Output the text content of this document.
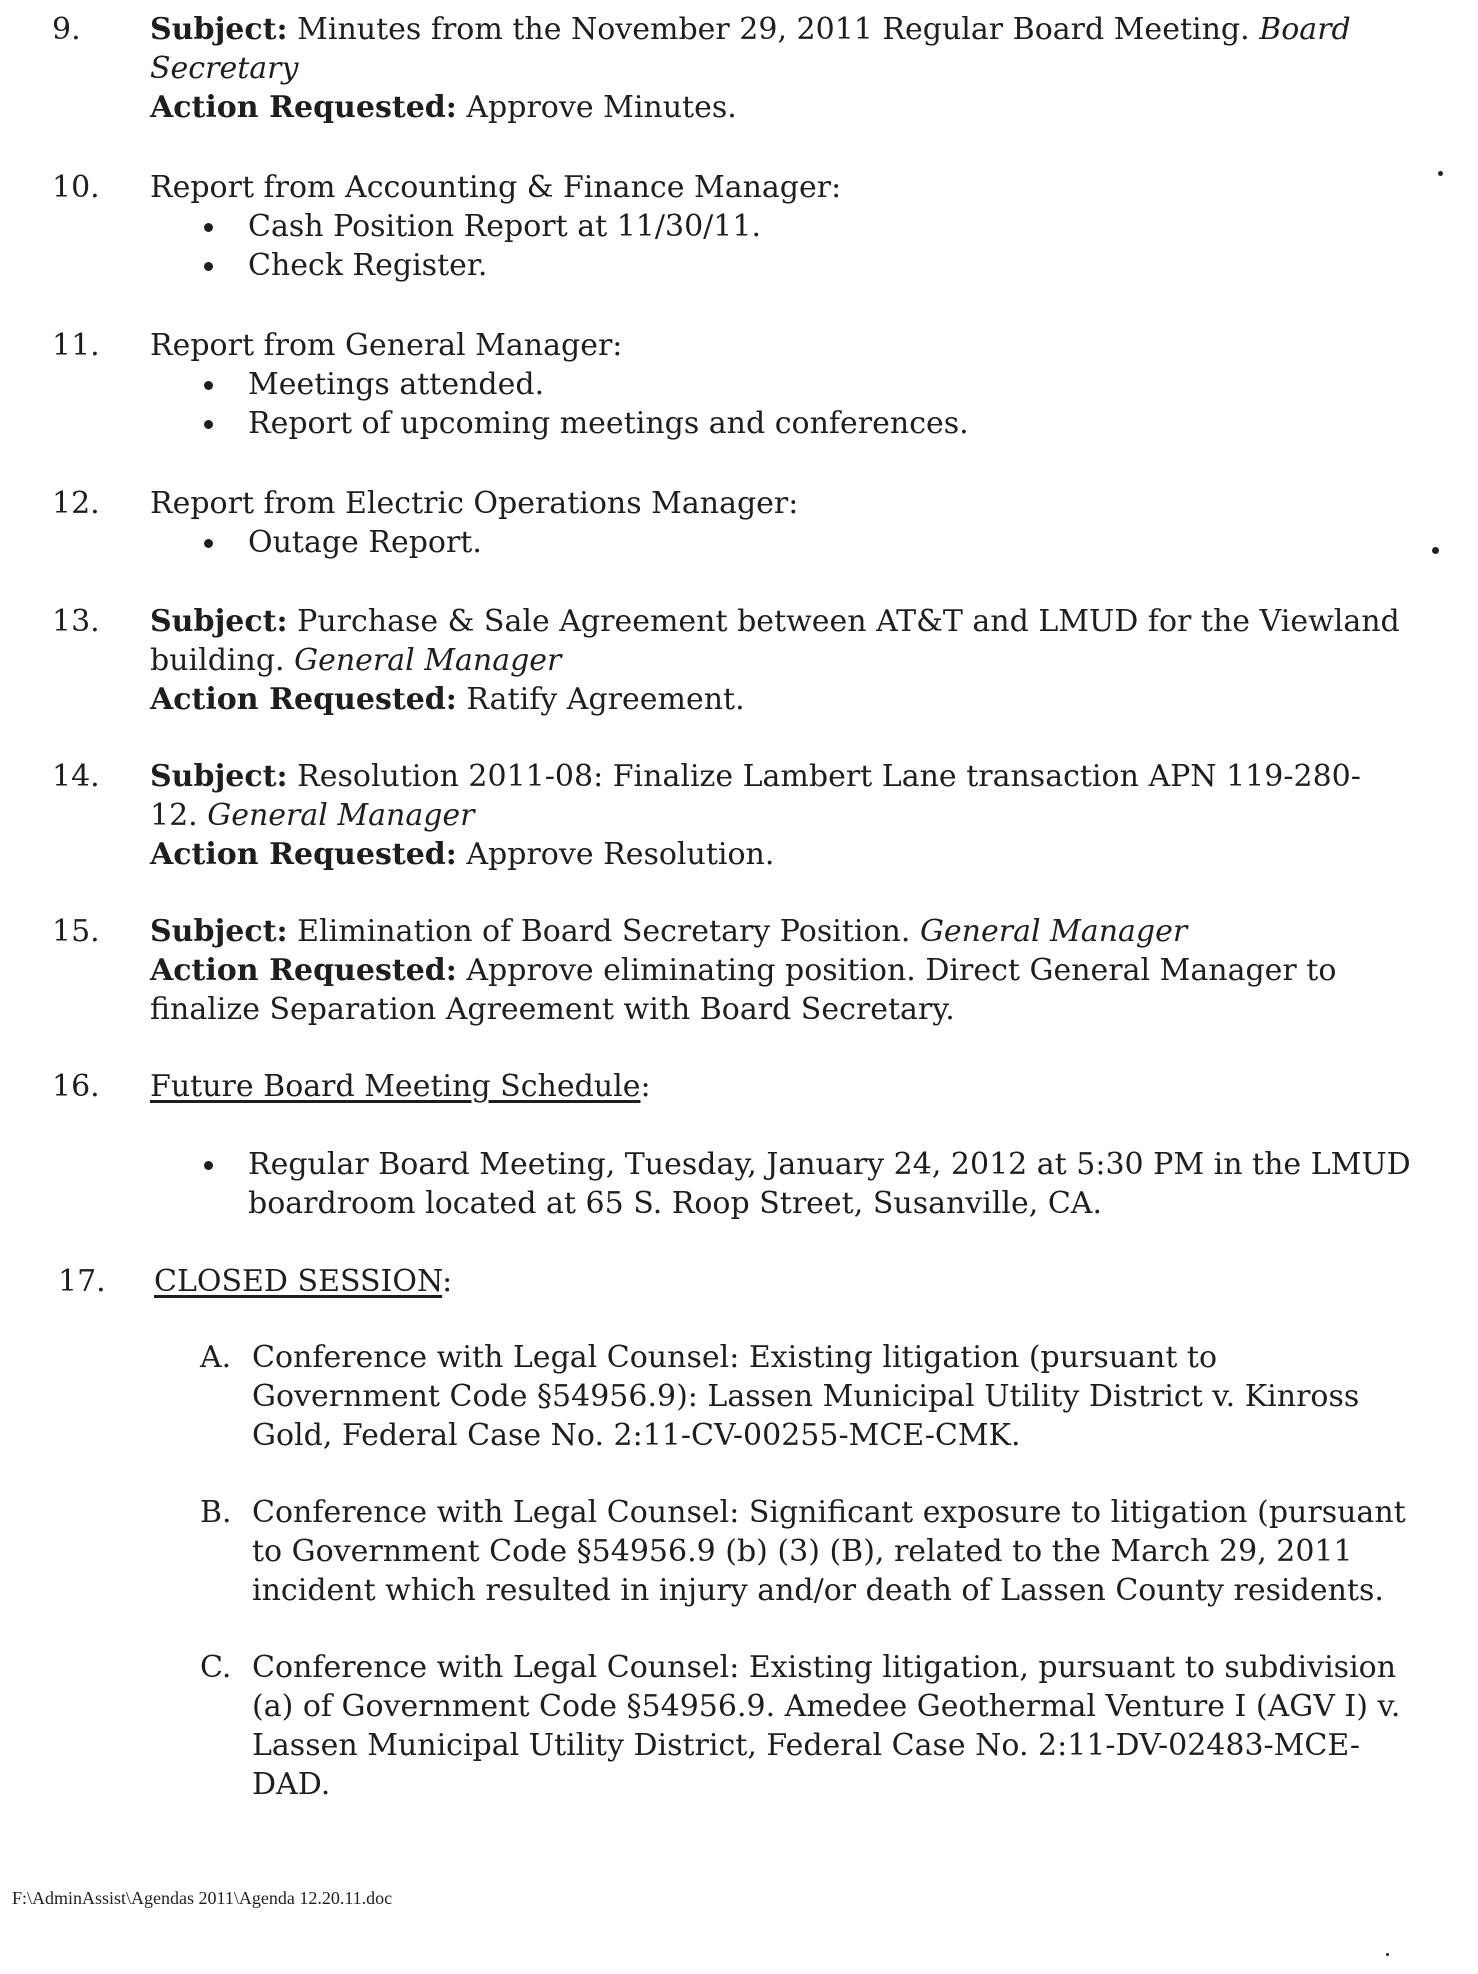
9.	Subject: Minutes from the November 29, 2011 Regular Board Meeting. Board
Secretary
Action Requested: Approve Minutes.
10.	Report from Accounting & Finance Manager:
Cash Position Report at 11/30/11.
Check Register.
11.	Report from General Manager:
Meetings attended.
Report of upcoming meetings and conferences.
12.	Report from Electric Operations Manager:
Outage Report.
13.	Subject: Purchase & Sale Agreement between AT&T and LMUD for the Viewland
building. General Manager
Action Requested: Ratify Agreement.
14.	Subject: Resolution 2011-08: Finalize Lambert Lane transaction APN 119-280-
12. General Manager
Action Requested: Approve Resolution.
15.	Subject: Elimination of Board Secretary Position. General Manager
Action Requested: Approve eliminating position. Direct General Manager to
finalize Separation Agreement with Board Secretary.
16.	Future Board Meeting Schedule:
Regular Board Meeting, Tuesday, January 24, 2012 at 5:30 PM in the LMUD
boardroom located at 65 S. Roop Street, Susanville, CA.
17.	CLOSED SESSION:
A. Conference with Legal Counsel: Existing litigation (pursuant to
Government Code §54956.9): Lassen Municipal Utility District v. Kinross
Gold, Federal Case No. 2:11-CV-00255-MCE-CMK.
B. Conference with Legal Counsel: Significant exposure to litigation (pursuant
to Government Code §54956.9 (b) (3) (B), related to the March 29, 2011
incident which resulted in injury and/or death of Lassen County residents.
C. Conference with Legal Counsel: Existing litigation, pursuant to subdivision
(a) of Government Code §54956.9. Amedee Geothermal Venture I (AGV I) v.
Lassen Municipal Utility District, Federal Case No. 2:11-DV-02483-MCE-
DAD.
F:\AdminAssist\Agendas 2011\Agenda 12.20.11.doc
